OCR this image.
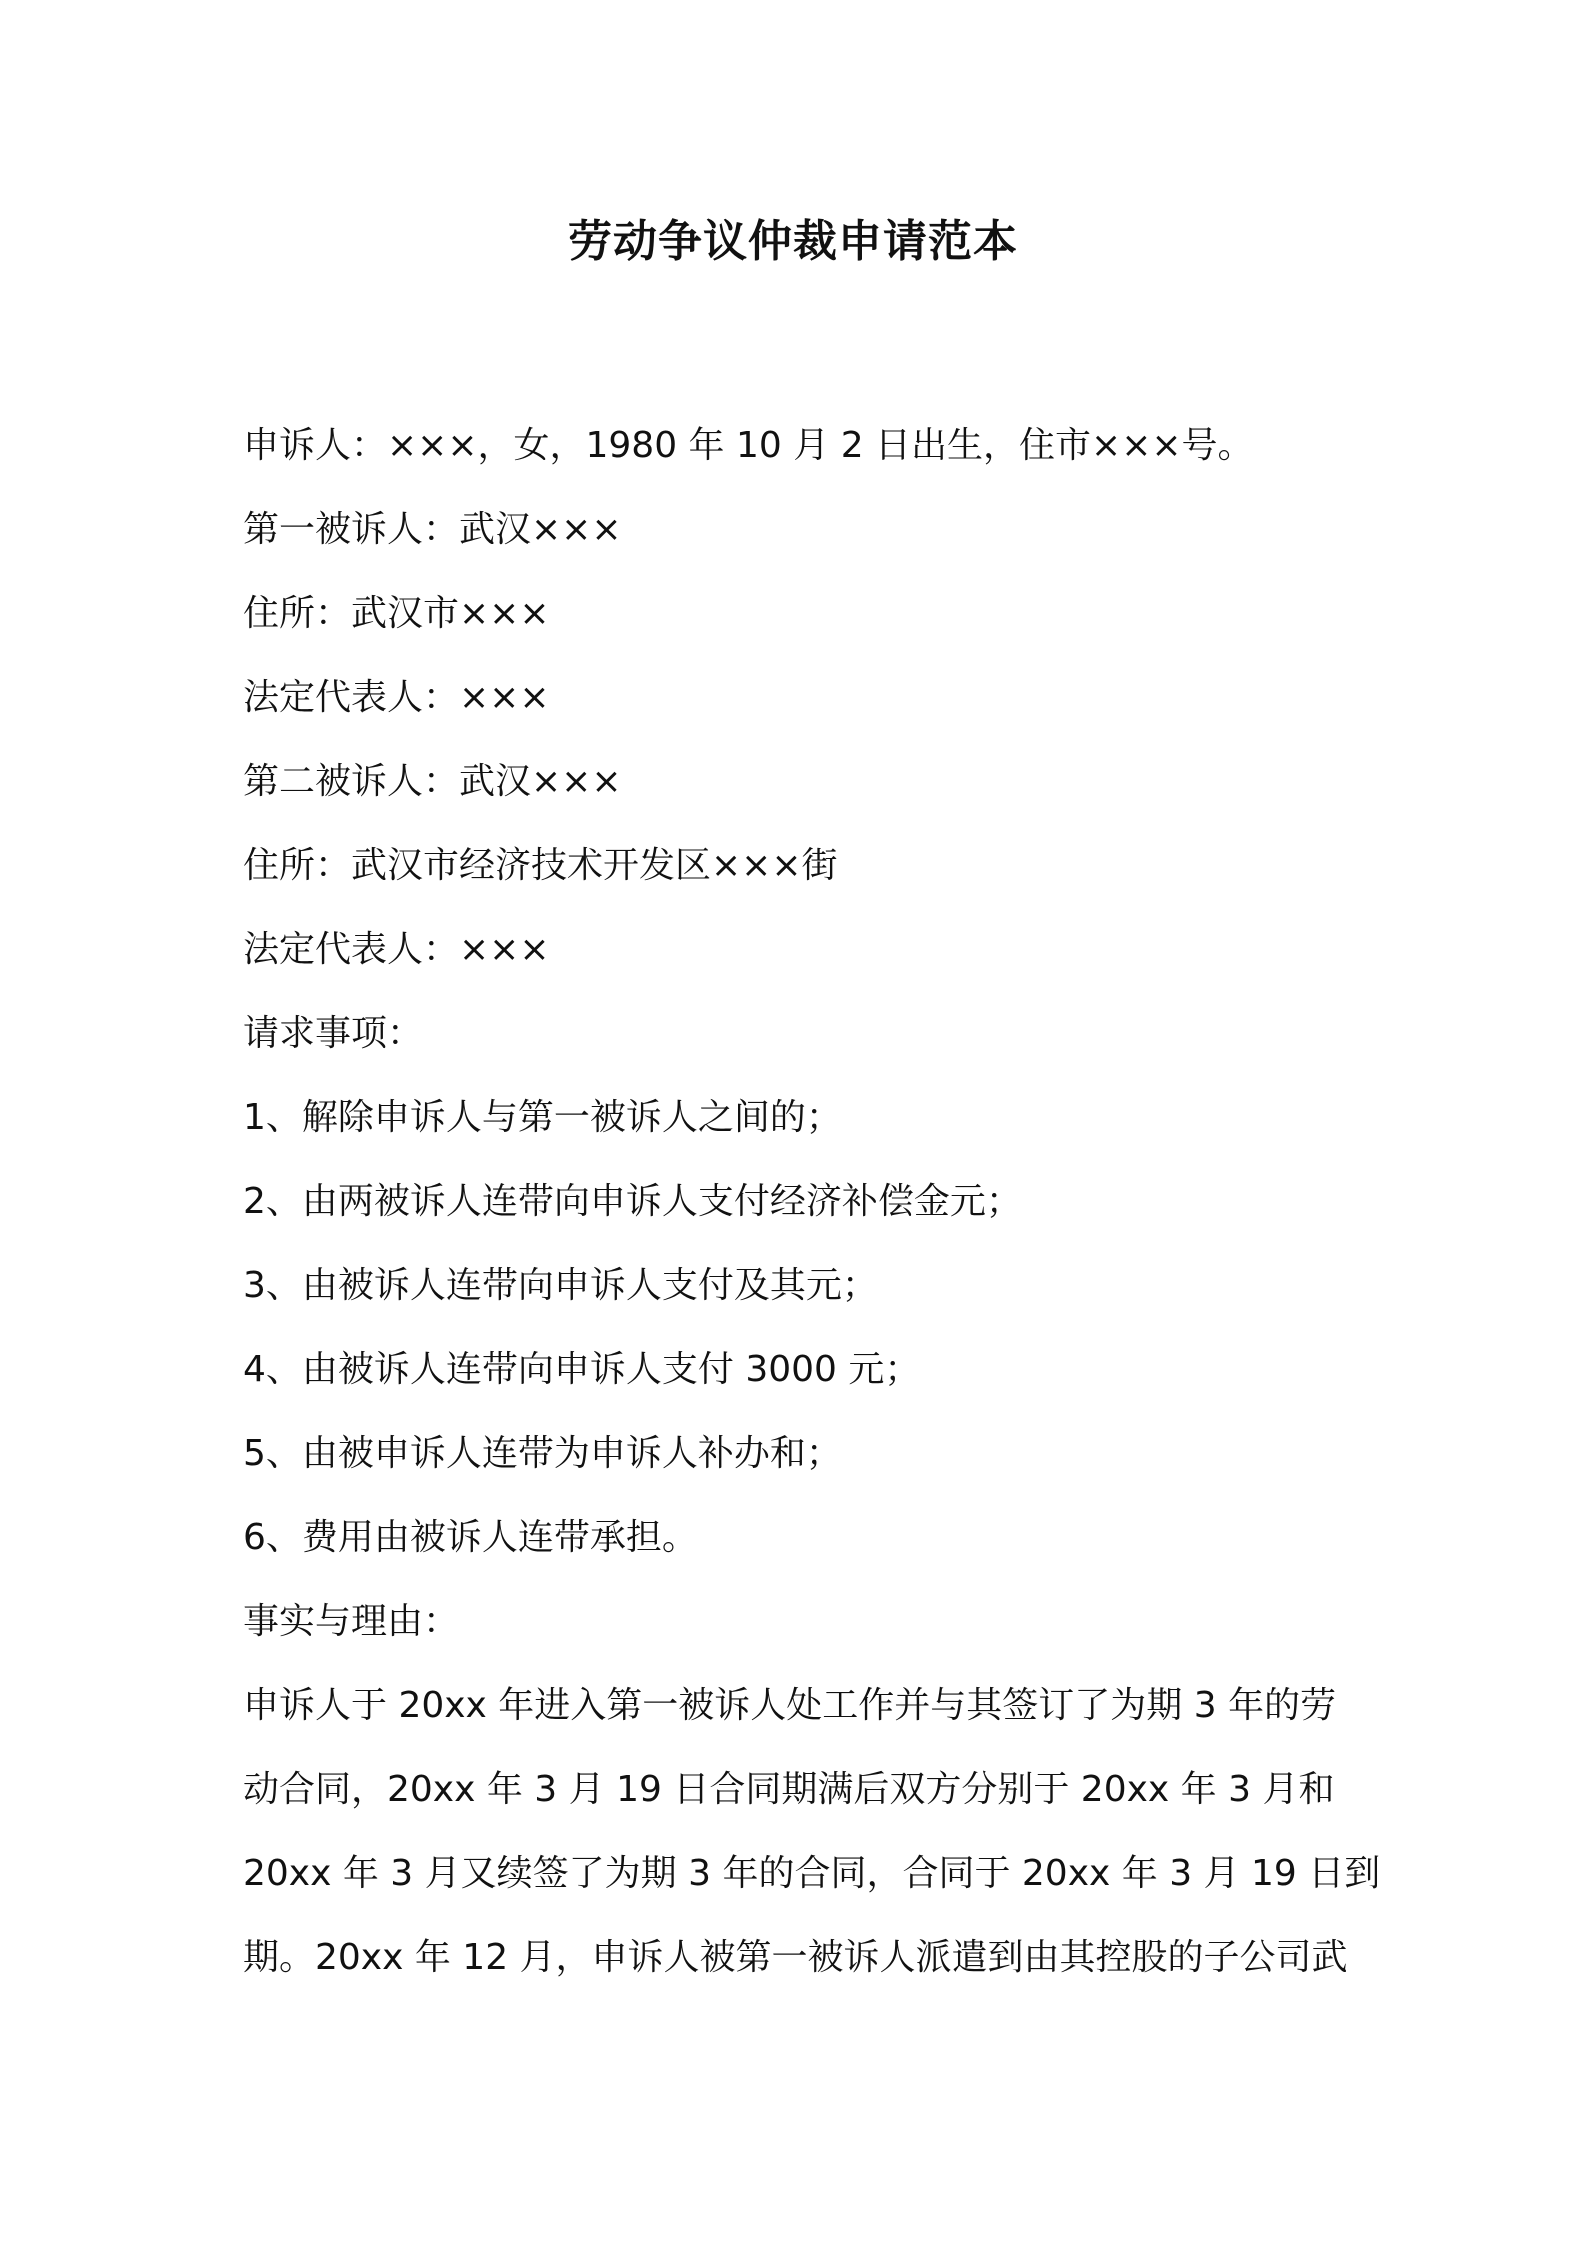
劳动争议仲裁申请范本
申诉人：×××，女，1980 年 10 月 2 日出生，住市×××号。
第一被诉人：武汉×××
住所：武汉市×××
法定代表人：×××
第二被诉人：武汉×××
住所：武汉市经济技术开发区×××街
法定代表人：×××
请求事项：
1、解除申诉人与第一被诉人之间的；
2、由两被诉人连带向申诉人支付经济补偿金元；
3、由被诉人连带向申诉人支付及其元；
4、由被诉人连带向申诉人支付 3000 元；
5、由被申诉人连带为申诉人补办和；
6、费用由被诉人连带承担。
事实与理由：
申诉人于 20xx 年进入第一被诉人处工作并与其签订了为期 3 年的劳
动合同，20xx 年 3 月 19 日合同期满后双方分别于 20xx 年 3 月和
20xx 年 3 月又续签了为期 3 年的合同，合同于 20xx 年 3 月 19 日到
期。20xx 年 12 月，申诉人被第一被诉人派遣到由其控股的子公司武
